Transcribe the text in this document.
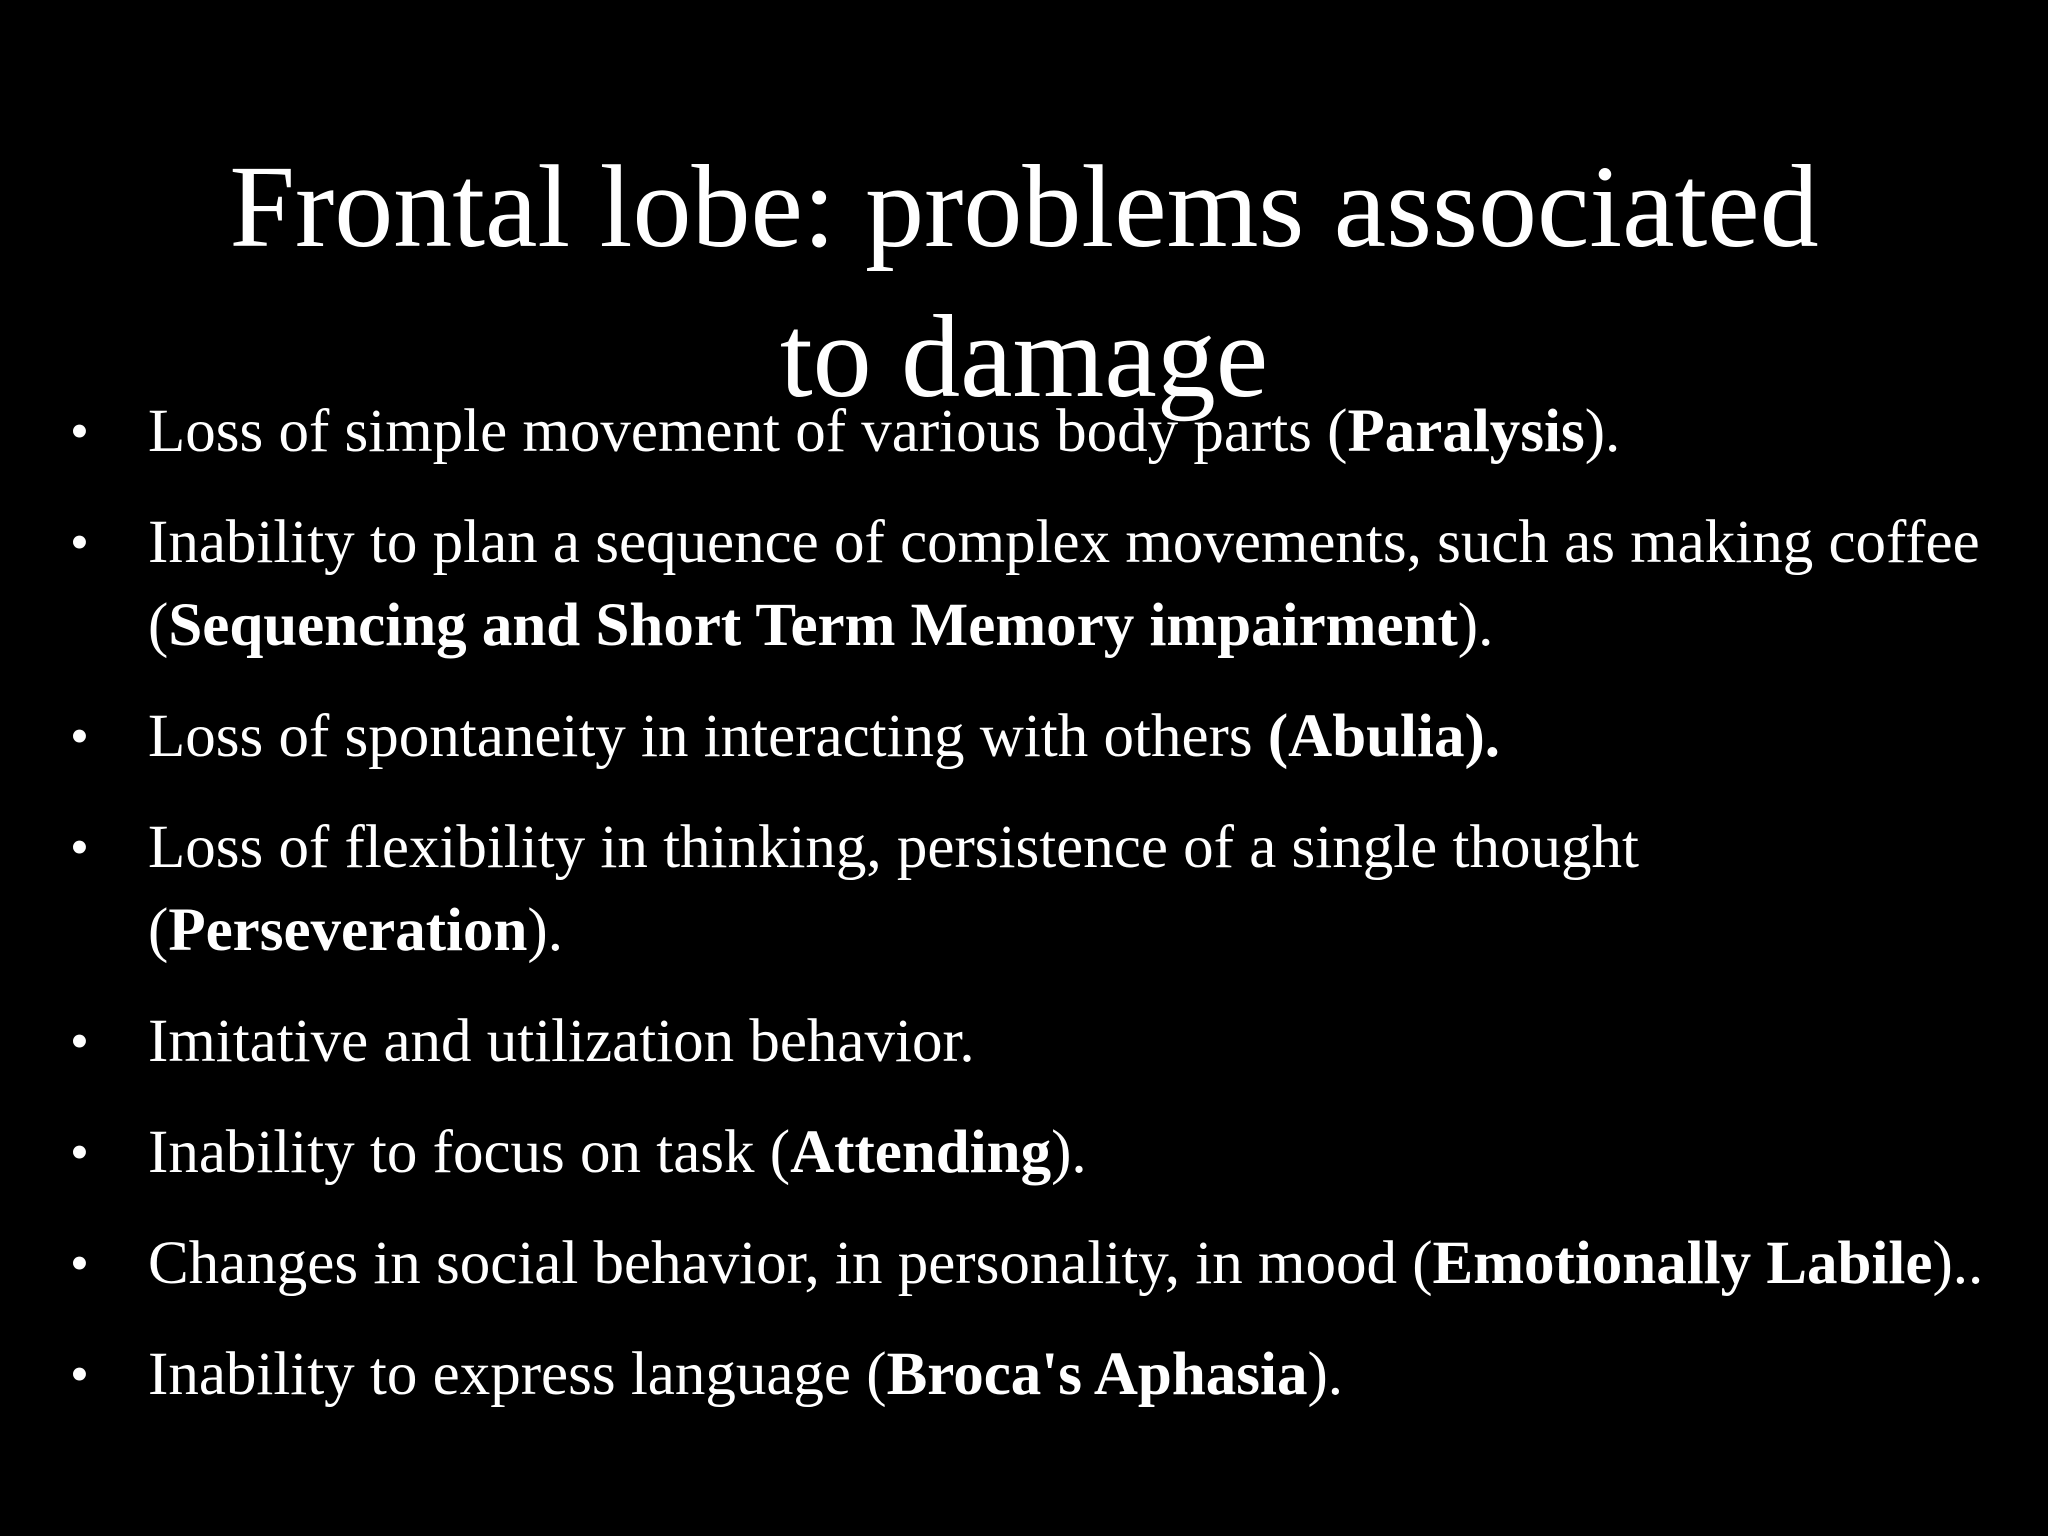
Frontal lobe: problems associated
to damage
• Loss of simple movement of various body parts (Paralysis).
• Inability to plan a sequence of complex movements, such as making coffee (Sequencing and Short Term Memory impairment).
• Loss of spontaneity in interacting with others (Abulia).
• Loss of flexibility in thinking, persistence of a single thought (Perseveration).
• Imitative and utilization behavior.
• Inability to focus on task (Attending).
• Changes in social behavior, in personality, in mood (Emotionally Labile)..
• Inability to express language (Broca's Aphasia).
